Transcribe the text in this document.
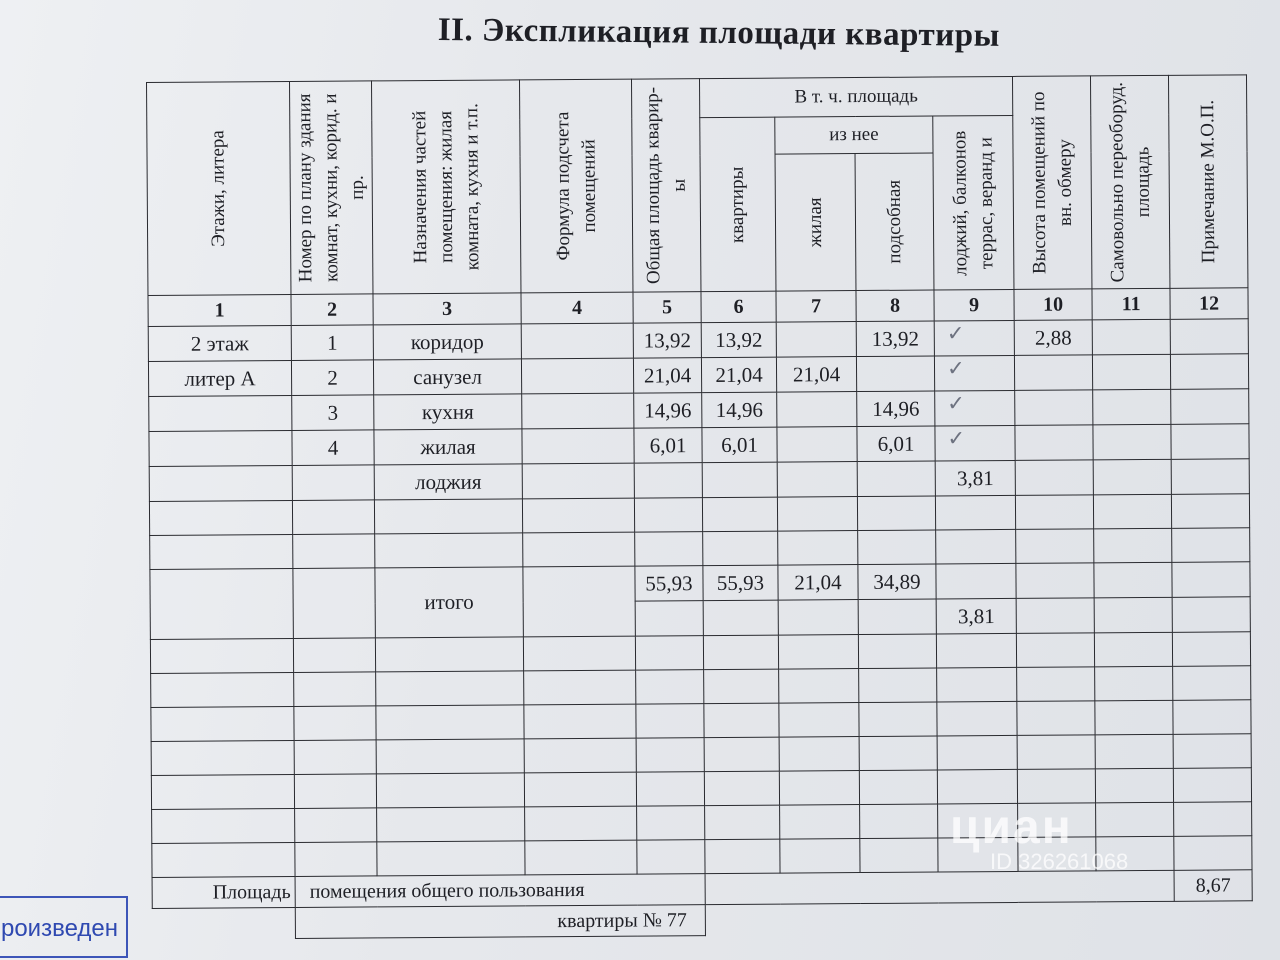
II. Экспликация площади квартиры
Этажи, литера	Номер по плану здания комнат, кухни, корид. и пр.	Назначения частей помещения: жилая комната, кухня и т.п.	Формула подсчета помещений	Общая площадь квариры	В т. ч. площадь				Высота помещений по вн. обмеру	Самовольно переоборуд. площадь	Примечание М.О.П.

					квартиры	из нее		лоджий, балконов террас, веранд и			

						жилая	подсобная				

1	2	3	4	5	6	7	8	9	10	11	12
2 этаж	1	коридор		13,92	13,92		13,92	✓	2,88		
литер А	2	санузел		21,04	21,04	21,04		✓			
	3	кухня		14,96	14,96		14,96	✓			
	4	жилая		6,01	6,01		6,01	✓			
		лоджия						3,81			

		итого		55,93	55,93	21,04	34,89				
								3,81			

Площадь	помещения общего пользования										8,67
	квартиры № 77										
циан
ID 326261068
роизведен
